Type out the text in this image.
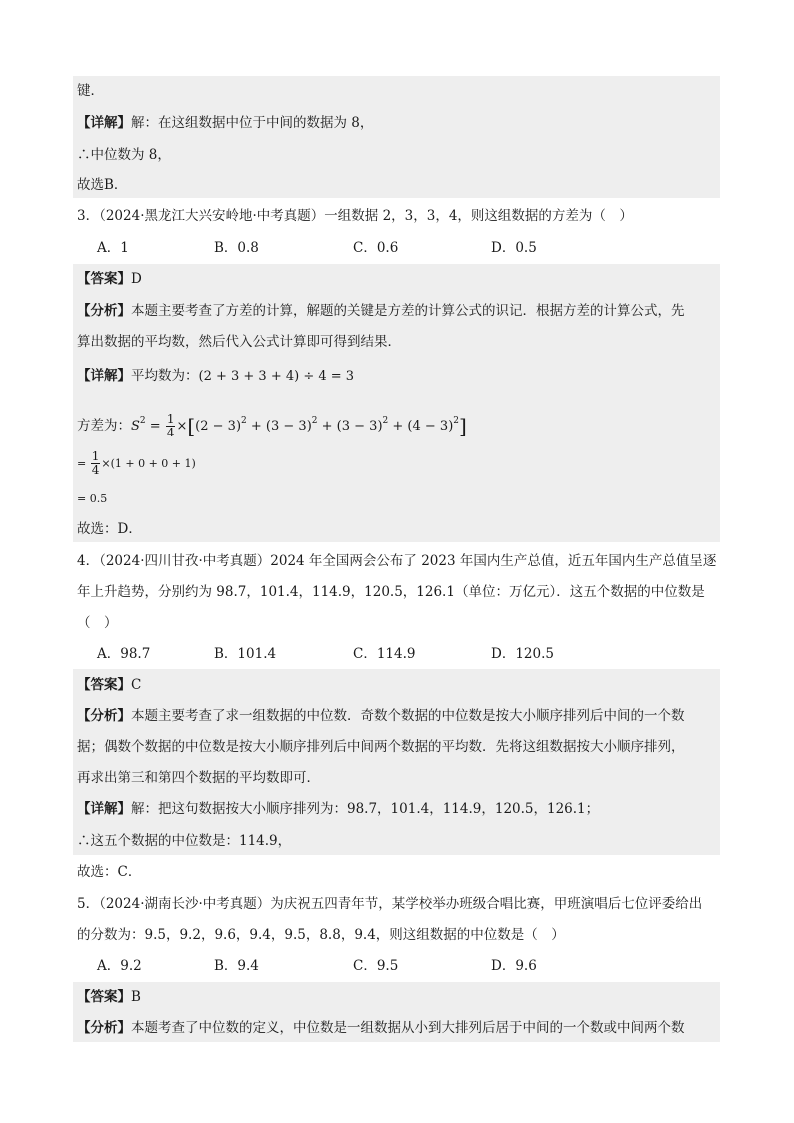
键．
【详解】解：在这组数据中位于中间的数据为 8，
∴中位数为 8，
故选B．
3．（2024·黑龙江大兴安岭地·中考真题）一组数据 2，3，3，4，则这组数据的方差为（　）
A．1	B．0.8	C．0.6	D．0.5
【答案】D
【分析】本题主要考查了方差的计算，解题的关键是方差的计算公式的识记．根据方差的计算公式，先
算出数据的平均数，然后代入公式计算即可得到结果．
【详解】平均数为：(2 + 3 + 3 + 4) ÷ 4 = 3
方差为：$S^2 = \frac{1}{4} \times[(2 - 3)^2 + (3 - 3)^2 + (3 - 3)^2 + (4 - 3)^2]$
= $\frac{1}{4} \times(1 + 0 + 0 + 1)$
= 0.5
故选：D．
4．（2024·四川甘孜·中考真题）2024 年全国两会公布了 2023 年国内生产总值，近五年国内生产总值呈逐
年上升趋势，分别约为 98.7，101.4，114.9，120.5，126.1（单位：万亿元）．这五个数据的中位数是
（　）
A．98.7	B．101.4	C．114.9	D．120.5
【答案】C
【分析】本题主要考查了求一组数据的中位数．奇数个数据的中位数是按大小顺序排列后中间的一个数
据；偶数个数据的中位数是按大小顺序排列后中间两个数据的平均数．先将这组数据按大小顺序排列，
再求出第三和第四个数据的平均数即可．
【详解】解：把这句数据按大小顺序排列为：98.7，101.4，114.9，120.5，126.1；
∴这五个数据的中位数是：114.9，
故选：C．
5．（2024·湖南长沙·中考真题）为庆祝五四青年节，某学校举办班级合唱比赛，甲班演唱后七位评委给出
的分数为：9.5，9.2，9.6，9.4，9.5，8.8，9.4，则这组数据的中位数是（　）
A．9.2	B．9.4	C．9.5	D．9.6
【答案】B
【分析】本题考查了中位数的定义，中位数是一组数据从小到大排列后居于中间的一个数或中间两个数
